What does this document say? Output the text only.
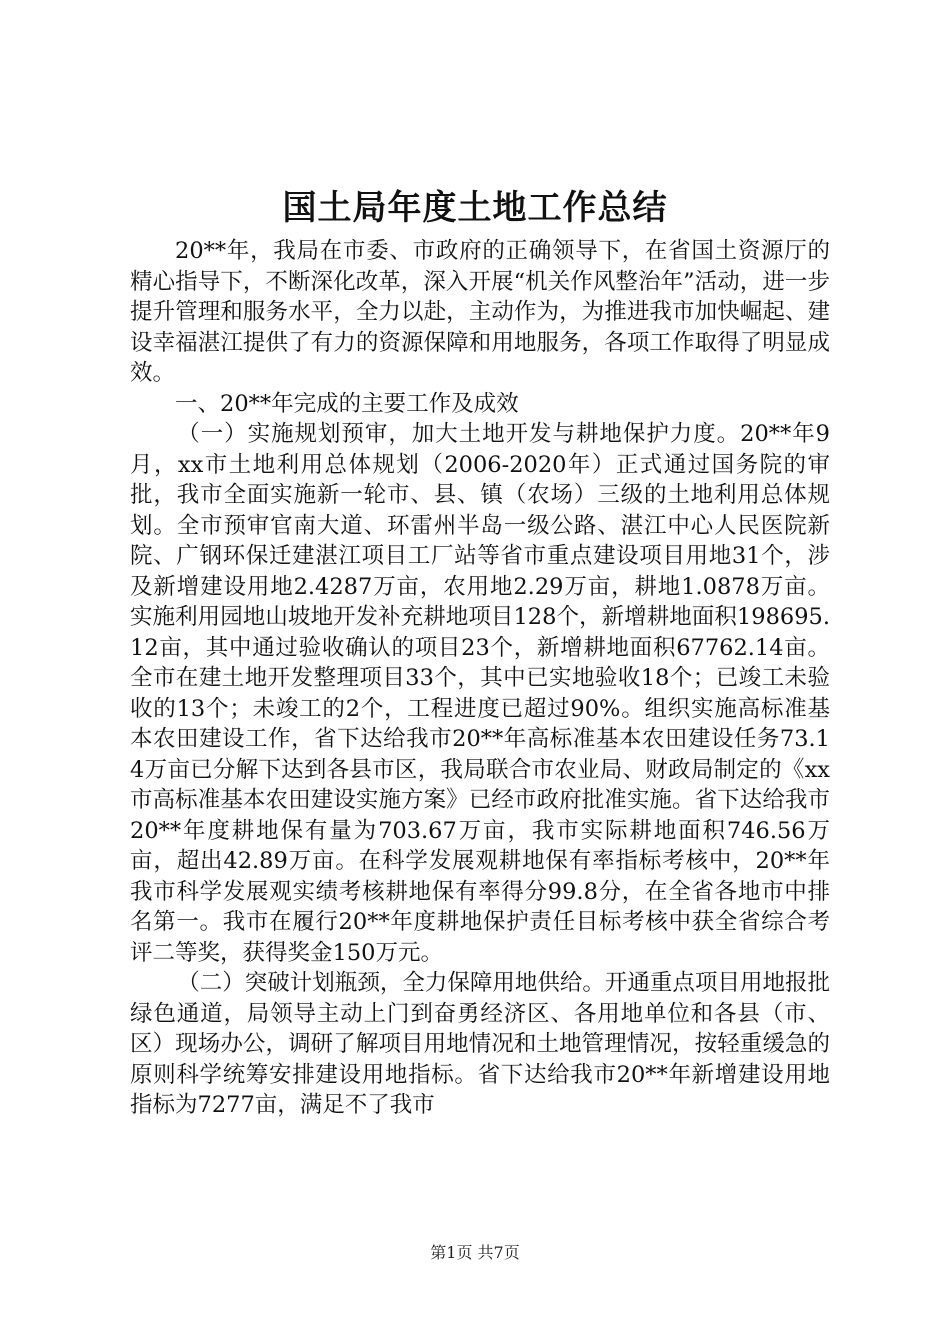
国土局年度土地工作总结

20**年，我局在市委、市政府的正确领导下，在省国土资源厅的精心指导下，不断深化改革，深入开展“机关作风整治年”活动，进一步提升管理和服务水平，全力以赴，主动作为，为推进我市加快崛起、建设幸福湛江提供了有力的资源保障和用地服务，各项工作取得了明显成效。

一、20**年完成的主要工作及成效

（一）实施规划预审，加大土地开发与耕地保护力度。20**年9月，xx市土地利用总体规划（2006-2020年）正式通过国务院的审批，我市全面实施新一轮市、县、镇（农场）三级的土地利用总体规划。全市预审官南大道、环雷州半岛一级公路、湛江中心人民医院新院、广钢环保迁建湛江项目工厂站等省市重点建设项目用地31个，涉及新增建设用地2.4287万亩，农用地2.29万亩，耕地1.0878万亩。实施利用园地山坡地开发补充耕地项目128个，新增耕地面积198695.12亩，其中通过验收确认的项目23个，新增耕地面积67762.14亩。全市在建土地开发整理项目33个，其中已实地验收18个；已竣工未验收的13个；未竣工的2个，工程进度已超过90%。组织实施高标准基本农田建设工作，省下达给我市20**年高标准基本农田建设任务73.14万亩已分解下达到各县市区，我局联合市农业局、财政局制定的《xx市高标准基本农田建设实施方案》已经市政府批准实施。省下达给我市20**年度耕地保有量为703.67万亩，我市实际耕地面积746.56万亩，超出42.89万亩。在科学发展观耕地保有率指标考核中，20**年我市科学发展观实绩考核耕地保有率得分99.8分，在全省各地市中排名第一。我市在履行20**年度耕地保护责任目标考核中获全省综合考评二等奖，获得奖金150万元。

（二）突破计划瓶颈，全力保障用地供给。开通重点项目用地报批绿色通道，局领导主动上门到奋勇经济区、各用地单位和各县（市、区）现场办公，调研了解项目用地情况和土地管理情况，按轻重缓急的原则科学统筹安排建设用地指标。省下达给我市20**年新增建设用地指标为7277亩，满足不了我市

第1页 共7页
